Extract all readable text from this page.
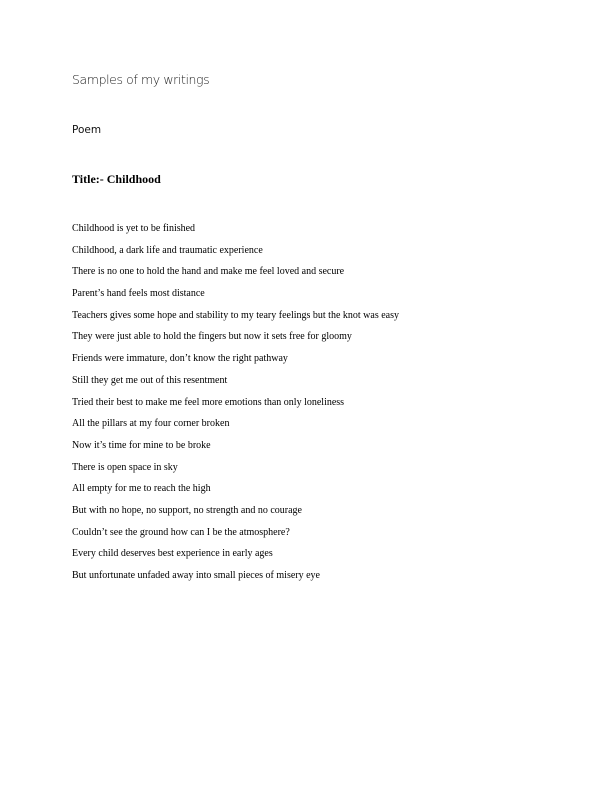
Samples of my writings
Poem
Title:- Childhood
Childhood is yet to be finished
Childhood, a dark life and traumatic experience
There is no one to hold the hand and make me feel loved and secure
Parent’s hand feels most distance
Teachers gives some hope and stability to my teary feelings but the knot was easy
They were just able to hold the fingers but now it sets free for gloomy
Friends were immature, don’t know the right pathway
Still they get me out of this resentment
Tried their best to make me feel more emotions than only loneliness
All the pillars at my four corner broken
Now it’s time for mine to be broke
There is open space in sky
All empty for me to reach the high
But with no hope, no support, no strength and no courage
Couldn’t see the ground how can I be the atmosphere?
Every child deserves best experience in early ages
But unfortunate unfaded away into small pieces of misery eye
